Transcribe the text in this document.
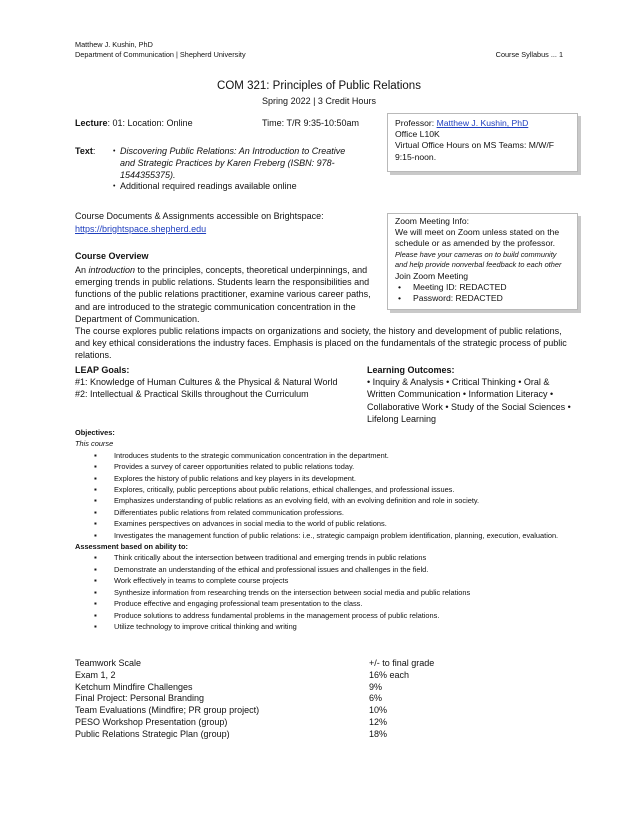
Matthew J. Kushin, PhD
Department of Communication | Shepherd University	Course Syllabus ... 1
COM 321: Principles of Public Relations
Spring 2022 | 3 Credit Hours
Lecture: 01: Location: Online	Time: T/R 9:35-10:50am
Text:	• Discovering Public Relations: An Introduction to Creative and Strategic Practices by Karen Freberg (ISBN: 978-1544355375).
• Additional required readings available online
Professor: Matthew J. Kushin, PhD
Office L10K
Virtual Office Hours on MS Teams: M/W/F 9:15-noon.
Course Documents & Assignments accessible on Brightspace:
https://brightspace.shepherd.edu
Zoom Meeting Info:
We will meet on Zoom unless stated on the schedule or as amended by the professor.
Please have your cameras on to build community and help provide nonverbal feedback to each other
Join Zoom Meeting
• Meeting ID: REDACTED
• Password: REDACTED
Course Overview
An introduction to the principles, concepts, theoretical underpinnings, and emerging trends in public relations. Students learn the responsibilities and functions of the public relations practitioner, examine various career paths, and are introduced to the strategic communication concentration in the Department of Communication.
The course explores public relations impacts on organizations and society, the history and development of public relations, and key ethical considerations the industry faces. Emphasis is placed on the fundamentals of the strategic process of public relations.
LEAP Goals:
#1: Knowledge of Human Cultures & the Physical & Natural World
#2: Intellectual & Practical Skills throughout the Curriculum
Learning Outcomes:
• Inquiry & Analysis • Critical Thinking • Oral & Written Communication • Information Literacy • Collaborative Work • Study of the Social Sciences • Lifelong Learning
Objectives:
This course
▪ Introduces students to the strategic communication concentration in the department.
▪ Provides a survey of career opportunities related to public relations today.
▪ Explores the history of public relations and key players in its development.
▪ Explores, critically, public perceptions about public relations, ethical challenges, and professional issues.
▪ Emphasizes understanding of public relations as an evolving field, with an evolving definition and role in society.
▪ Differentiates public relations from related communication professions.
▪ Examines perspectives on advances in social media to the world of public relations.
▪ Investigates the management function of public relations: i.e., strategic campaign problem identification, planning, execution, evaluation.
Assessment based on ability to:
▪ Think critically about the intersection between traditional and emerging trends in public relations
▪ Demonstrate an understanding of the ethical and professional issues and challenges in the field.
▪ Work effectively in teams to complete course projects
▪ Synthesize information from researching trends on the intersection between social media and public relations
▪ Produce effective and engaging professional team presentation to the class.
▪ Produce solutions to address fundamental problems in the management process of public relations.
▪ Utilize technology to improve critical thinking and writing
Teamwork Scale	+/- to final grade
Exam 1, 2	16% each
Ketchum Mindfire Challenges	9%
Final Project: Personal Branding	6%
Team Evaluations (Mindfire; PR group project)	10%
PESO Workshop Presentation (group)	12%
Public Relations Strategic Plan (group)	18%
